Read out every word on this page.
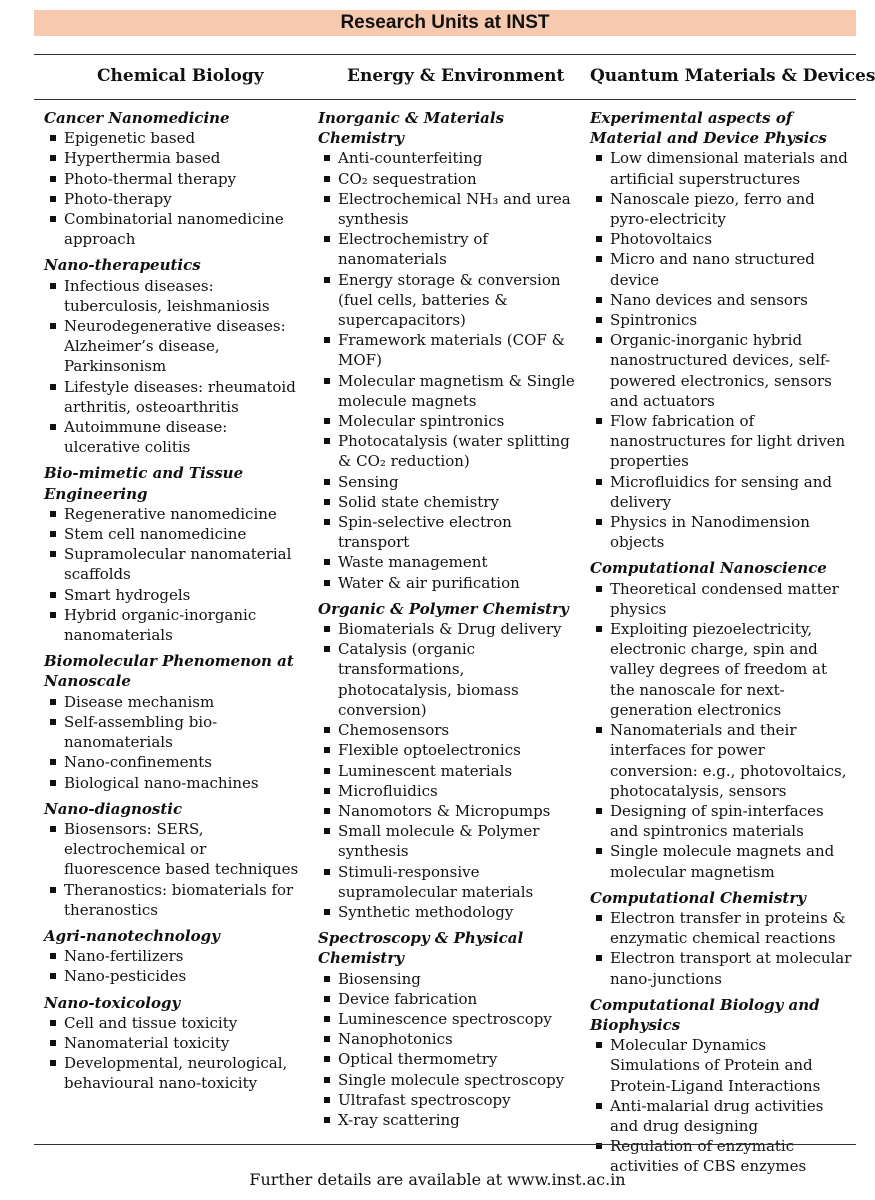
Research Units at INST
Chemical Biology	Energy & Environment Quantum Materials & Devices
Cancer Nanomedicine
Epigenetic based
Hyperthermia based
Photo-thermal therapy
Photo-therapy
Combinatorial nanomedicine approach
Nano-therapeutics
Infectious diseases: tuberculosis, leishmaniosis
Neurodegenerative diseases: Alzheimer’s disease, Parkinsonism
Lifestyle diseases: rheumatoid arthritis, osteoarthritis
Autoimmune disease: ulcerative colitis
Bio-mimetic and Tissue Engineering
Regenerative nanomedicine
Stem cell nanomedicine
Supramolecular nanomaterial scaffolds
Smart hydrogels
Hybrid organic-inorganic nanomaterials
Biomolecular Phenomenon at Nanoscale
Disease mechanism
Self-assembling bio-nanomaterials
Nano-confinements
Biological nano-machines
Nano-diagnostic
Biosensors: SERS, electrochemical or fluorescence based techniques
Theranostics: biomaterials for theranostics
Agri-nanotechnology
Nano-fertilizers
Nano-pesticides
Nano-toxicology
Cell and tissue toxicity
Nanomaterial toxicity
Developmental, neurological, behavioural nano-toxicity
Inorganic & Materials Chemistry
Anti-counterfeiting
CO₂ sequestration
Electrochemical NH₃ and urea synthesis
Electrochemistry of nanomaterials
Energy storage & conversion (fuel cells, batteries & supercapacitors)
Framework materials (COF & MOF)
Molecular magnetism & Single molecule magnets
Molecular spintronics
Photocatalysis (water splitting & CO₂ reduction)
Sensing
Solid state chemistry
Spin-selective electron transport
Waste management
Water & air purification
Organic & Polymer Chemistry
Biomaterials & Drug delivery
Catalysis (organic transformations, photocatalysis, biomass conversion)
Chemosensors
Flexible optoelectronics
Luminescent materials
Microfluidics
Nanomotors & Micropumps
Small molecule & Polymer synthesis
Stimuli-responsive supramolecular materials
Synthetic methodology
Spectroscopy & Physical Chemistry
Biosensing
Device fabrication
Luminescence spectroscopy
Nanophotonics
Optical thermometry
Single molecule spectroscopy
Ultrafast spectroscopy
X-ray scattering
Experimental aspects of Material and Device Physics
Low dimensional materials and artificial superstructures
Nanoscale piezo, ferro and pyro-electricity
Photovoltaics
Micro and nano structured device
Nano devices and sensors
Spintronics
Organic-inorganic hybrid nanostructured devices, self-powered electronics, sensors and actuators
Flow fabrication of nanostructures for light driven properties
Microfluidics for sensing and delivery
Physics in Nanodimension objects
Computational Nanoscience
Theoretical condensed matter physics
Exploiting piezoelectricity, electronic charge, spin and valley degrees of freedom at the nanoscale for next-generation electronics
Nanomaterials and their interfaces for power conversion: e.g., photovoltaics, photocatalysis, sensors
Designing of spin-interfaces and spintronics materials
Single molecule magnets and molecular magnetism
Computational Chemistry
Electron transfer in proteins & enzymatic chemical reactions
Electron transport at molecular nano-junctions
Computational Biology and Biophysics
Molecular Dynamics Simulations of Protein and Protein-Ligand Interactions
Anti-malarial drug activities and drug designing
Regulation of enzymatic activities of CBS enzymes
Further details are available at www.inst.ac.in
